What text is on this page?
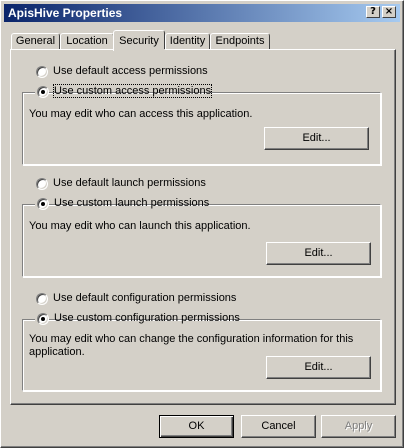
ApisHive Properties	? ×
General	Location	Security Identity Endpoints
Use default access permissions
Use custom access permissions
You may edit who can access this application.
Edit...
Use default launch permissions
Use custom launch permissions
You may edit who can launch this application.
Edit...
Use default configuration permissions
Use custom configuration permissions
You may edit who can change the configuration information for this application.
Edit...
OK	Cancel	Apply
